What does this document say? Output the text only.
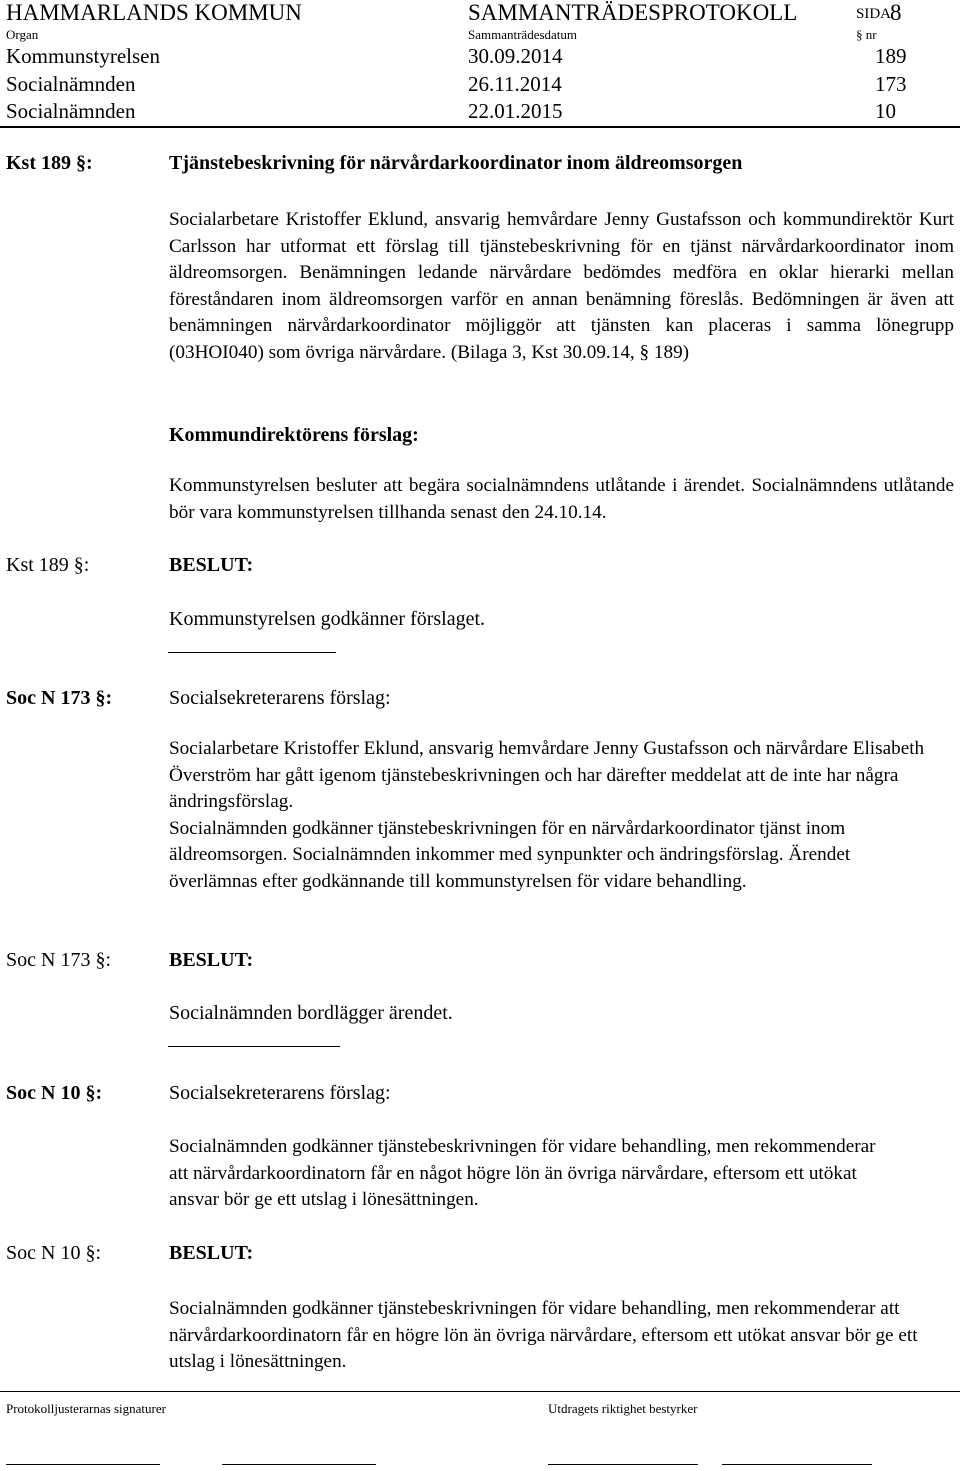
HAMMARLANDS KOMMUN	SAMMANTRÄDESPROTOKOLL	SIDA
8
Organ	Sammanträdesdatum	§ nr
Kommunstyrelsen	30.09.2014	189
Socialnämnden	26.11.2014	173
Socialnämnden	22.01.2015	10
Kst 189 §:	Tjänstebeskrivning för närvårdarkoordinator inom äldreomsorgen
Socialarbetare Kristoffer Eklund, ansvarig hemvårdare Jenny Gustafsson och kommundirektör Kurt Carlsson har utformat ett förslag till tjänstebeskrivning för en tjänst närvårdarkoordinator inom äldreomsorgen. Benämningen ledande närvårdare bedömdes medföra en oklar hierarki mellan föreståndaren inom äldreomsorgen varför en annan benämning föreslås. Bedömningen är även att benämningen närvårdarkoordinator möjliggör att tjänsten kan placeras i samma lönegrupp (03HOI040) som övriga närvårdare. (Bilaga 3, Kst 30.09.14, § 189)
Kommundirektörens förslag:
Kommunstyrelsen besluter att begära socialnämndens utlåtande i ärendet. Socialnämndens utlåtande bör vara kommunstyrelsen tillhanda senast den 24.10.14.
Kst 189 §:	BESLUT:
Kommunstyrelsen godkänner förslaget.
Soc N 173 §:	Socialsekreterarens förslag:

Socialarbetare Kristoffer Eklund, ansvarig hemvårdare Jenny Gustafsson och närvårdare Elisabeth Överström har gått igenom tjänstebeskrivningen och har därefter meddelat att de inte har några ändringsförslag.

Socialnämnden godkänner tjänstebeskrivningen för en närvårdarkoordinator tjänst inom äldreomsorgen. Socialnämnden inkommer med synpunkter och ändringsförslag. Ärendet överlämnas efter godkännande till kommunstyrelsen för vidare behandling.

Soc N 173 §:	BESLUT:
Socialnämnden bordlägger ärendet.
Soc N 10 §:	Socialsekreterarens förslag:
Socialnämnden godkänner tjänstebeskrivningen för vidare behandling, men rekommenderar att närvårdarkoordinatorn får en något högre lön än övriga närvårdare, eftersom ett utökat ansvar bör ge ett utslag i lönesättningen.
Soc N 10 §:	BESLUT:
Socialnämnden godkänner tjänstebeskrivningen för vidare behandling, men rekommenderar att närvårdarkoordinatorn får en högre lön än övriga närvårdare, eftersom ett utökat ansvar bör ge ett utslag i lönesättningen.
Protokolljusterarnas signaturer	Utdragets riktighet bestyrker
